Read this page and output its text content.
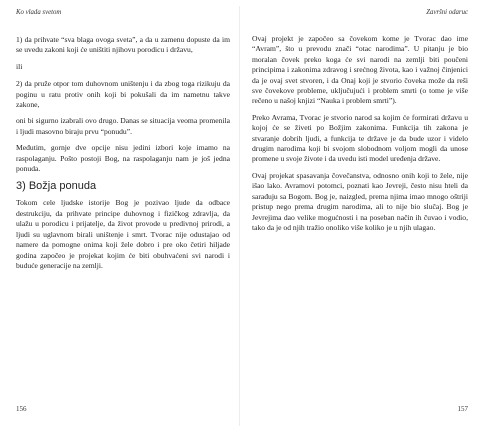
Ko vlada svetom

1) da prihvate “sva blaga ovoga sveta”, a da u zamenu dopuste da im se uvedu zakoni koji će uništiti njihovu porodicu i državu,

ili

2) da pruže otpor tom duhovnom uništenju i da zbog toga rizikuju da poginu u ratu protiv onih koji bi pokušali da im nametnu takve zakone,

oni bi sigurno izabrali ovo drugo. Danas se situacija veoma promenila i ljudi masovno biraju prvu “ponudu”.

Međutim, gornje dve opcije nisu jedini izbori koje imamo na raspolaganju. Pošto postoji Bog, na raspolaganju nam je još jedna ponuda.

3) Božja ponuda

Tokom cele ljudske istorije Bog je pozivao ljude da odbace destrukciju, da prihvate principe duhovnog i fizičkog zdravlja, da ulažu u porodicu i prijatelje, da život provode u predivnoj prirodi, a ljudi su uglavnom birali uništenje i smrt. Tvorac nije odustajao od namere da pomogne onima koji žele dobro i pre oko četiri hiljade godina započeo je projekat kojim će biti obuhvaćeni svi narodi i buduće generacije na zemlji.

156
Završni odaruc

Ovaj projekt je započeo sa čovekom kome je Tvorac dao ime “Avram”, što u prevodu znači “otac narodima”. U pitanju je bio moralan čovek preko koga će svi narodi na zemlji biti poučeni principima i zakonima zdravog i srećnog života, kao i važnoj činjenici da je ovaj svet stvoren, i da Onaj koji je stvorio čoveka može da reši sve čovekove probleme, uključujući i problem smrti (o tome je više rečeno u našoj knjizi “Nauka i problem smrti”).

Preko Avrama, Tvorac je stvorio narod sa kojim će formirati državu u kojoj će se živeti po Božjim zakonima. Funkcija tih zakona je stvaranje dobrih ljudi, a funkcija te države je da bude uzor i videlo drugim narodima koji bi svojom slobodnom voljom mogli da unose promene u svoje živote i da uvedu isti model uređenja države.

Ovaj projekat spasavanja čovečanstva, odnosno onih koji to žele, nije išao lako. Avramovi potomci, poznati kao Jevreji, često nisu hteli da sarađuju sa Bogom. Bog je, naizgled, prema njima imao mnogo oštriji pristup nego prema drugim narodima, ali to nije bio slučaj. Bog je Jevrejima dao velike mogućnosti i na poseban način ih čuvao i vodio, tako da je od njih tražio onoliko više koliko je u njih ulagao.

157
